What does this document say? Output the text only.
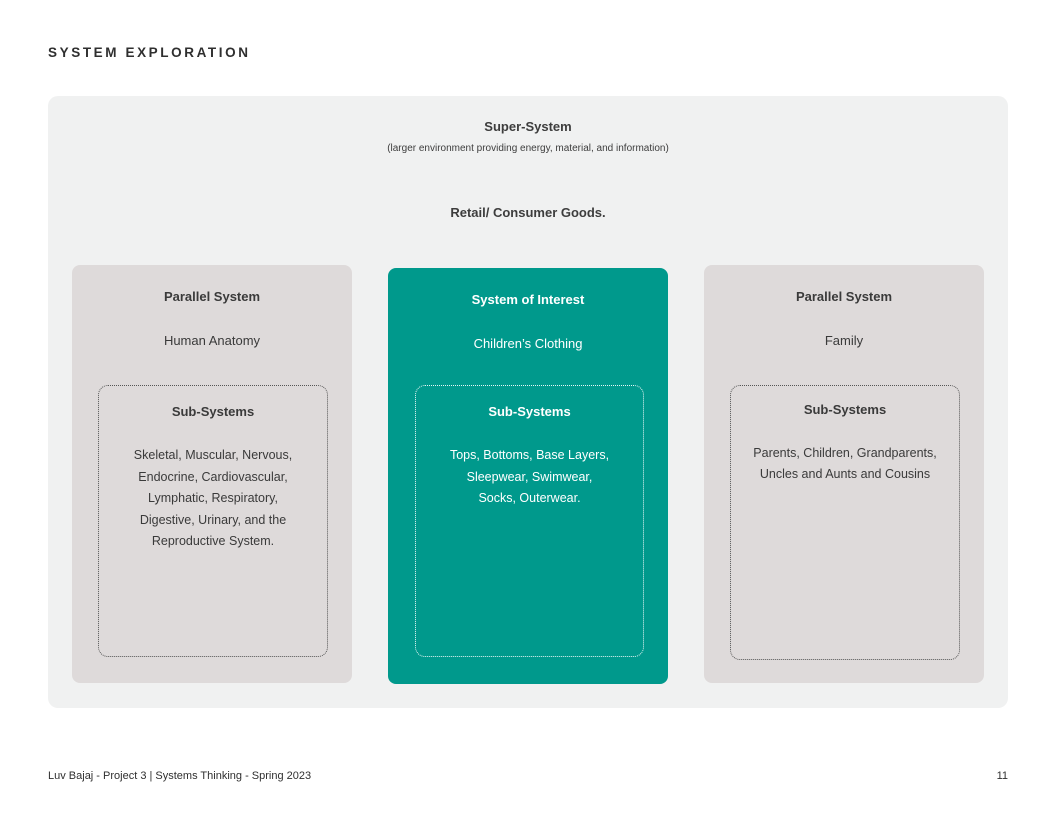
SYSTEM EXPLORATION
Super-System
(larger environment providing energy, material, and information)
Retail/ Consumer Goods.
Parallel System
Human Anatomy
Sub-Systems
Skeletal, Muscular, Nervous,
Endocrine, Cardiovascular,
Lymphatic, Respiratory,
Digestive, Urinary, and the
Reproductive System.
System of Interest
Children’s Clothing
Sub-Systems
Tops, Bottoms, Base Layers,
Sleepwear, Swimwear,
Socks, Outerwear.
Parallel System
Family
Sub-Systems
Parents, Children, Grandparents,
Uncles and Aunts and Cousins
Luv Bajaj - Project 3 | Systems Thinking - Spring 2023	11
